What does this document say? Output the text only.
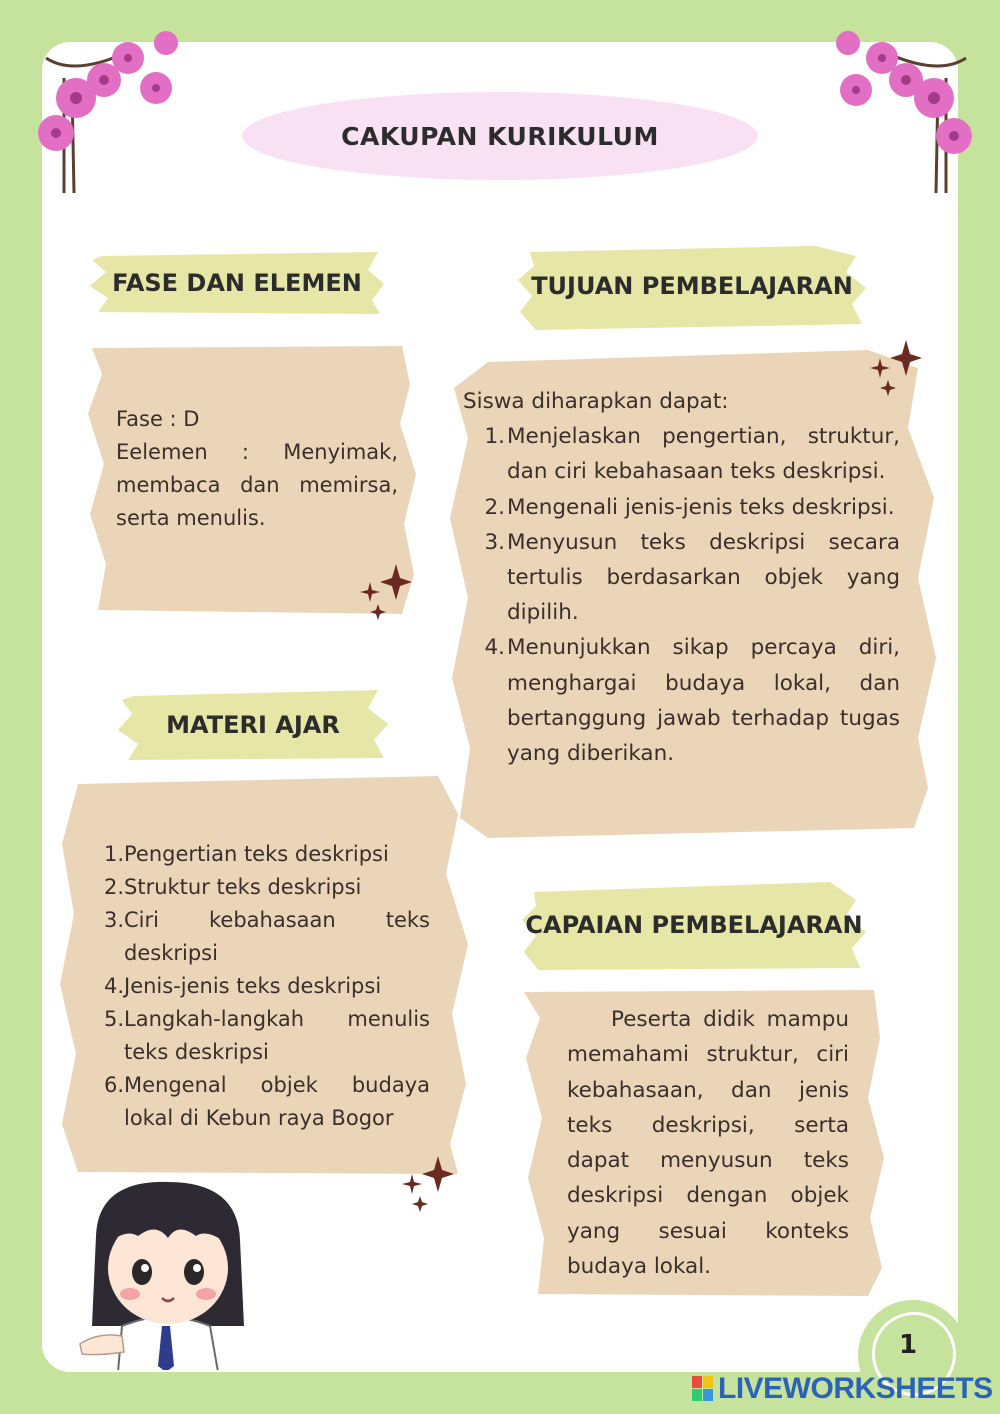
CAKUPAN KURIKULUM
FASE DAN ELEMEN	TUJUAN PEMBELAJARAN

Fase : D

Eelemen : Menyimak,

membaca dan memirsa,

serta menulis.

Siswa diharapkan dapat:

1. Menjelaskan pengertian, struktur, dan ciri kebahasaan teks deskripsi.
2. Mengenali jenis-jenis teks deskripsi.
3. Menyusun teks deskripsi secara tertulis berdasarkan objek yang dipilih.
4. Menunjukkan sikap percaya diri, menghargai budaya lokal, dan bertanggung jawab terhadap tugas yang diberikan.
MATERI AJAR
1. Pengertian teks deskripsi
2. Struktur teks deskripsi
3. Ciri kebahasaan teks deskripsi
4. Jenis-jenis teks deskripsi
5. Langkah-langkah menulis teks deskripsi
6. Mengenal objek budaya lokal di Kebun raya Bogor
CAPAIAN PEMBELAJARAN

Peserta didik mampu memahami struktur, ciri kebahasaan, dan jenis teks deskripsi, serta dapat menyusun teks deskripsi dengan objek yang sesuai konteks budaya lokal.

1
LIVEWORKSHEETS
